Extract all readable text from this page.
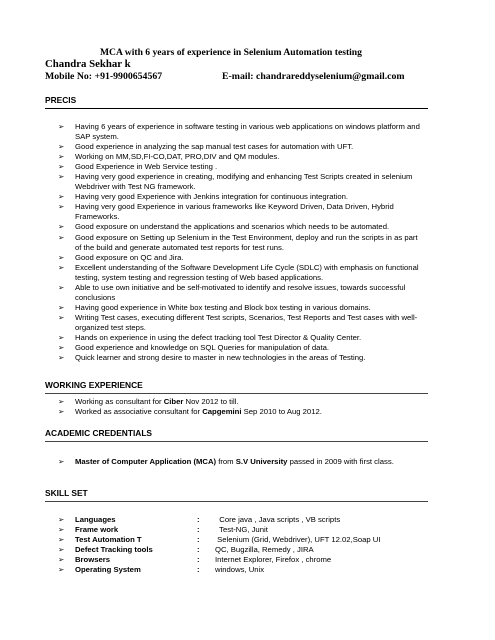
MCA with 6 years of experience in Selenium Automation testing
Chandra Sekhar k
Mobile No: +91-9900654567	E-mail: chandrareddyselenium@gmail.com
PRECIS
➢ Having 6 years of experience in software testing in various web applications on windows platform and SAP system.
➢ Good experience in analyzing the sap manual test cases for automation with UFT.
➢ Working on MM,SD,FI-CO,DAT, PRO,DIV and QM modules.
➢ Good Experience in Web Service testing .
➢ Having very good experience in creating, modifying and enhancing Test Scripts created in selenium Webdriver with Test NG framework.
➢ Having very good Experience with Jenkins integration for continuous integration.
➢ Having very good Experience in various frameworks like Keyword Driven, Data Driven, Hybrid Frameworks.
➢ Good exposure on understand the applications and scenarios which needs to be automated.
➢ Good exposure on Setting up Selenium in the Test Environment, deploy and run the scripts in as part of the build and generate automated test reports for test runs.
➢ Good exposure on QC and Jira.
➢ Excellent understanding of the Software Development Life Cycle (SDLC) with emphasis on functional testing, system testing and regression testing of Web based applications.
➢ Able to use own initiative and be self-motivated to identify and resolve issues, towards successful conclusions
➢ Having good experience in White box testing and Block box testing in various domains.
➢ Writing Test cases, executing different Test scripts, Scenarios, Test Reports and Test cases with well-organized test steps.
➢ Hands on experience in using the defect tracking tool Test Director & Quality Center.
➢ Good experience and knowledge on SQL Queries for manipulation of data.
➢ Quick learner and strong desire to master in new technologies in the areas of Testing.
WORKING EXPERIENCE
➢ Working as consultant for Ciber Nov 2012 to till.
➢ Worked as associative consultant for Capgemini Sep 2010 to Aug 2012.
ACADEMIC CREDENTIALS
➢ Master of Computer Application (MCA) from S.V University passed in 2009 with first class.
SKILL SET
➢	Languages	:	Core java , Java scripts , VB scripts
➢	Frame work	:	Test-NG, Junit
➢	Test Automation T	:	Selenium (Grid, Webdriver), UFT 12.02,Soap UI
➢	Defect Tracking tools	:	QC, Bugzilla, Remedy , JIRA
➢	Browsers	:	Internet Explorer, Firefox , chrome
➢	Operating System	:	windows, Unix
